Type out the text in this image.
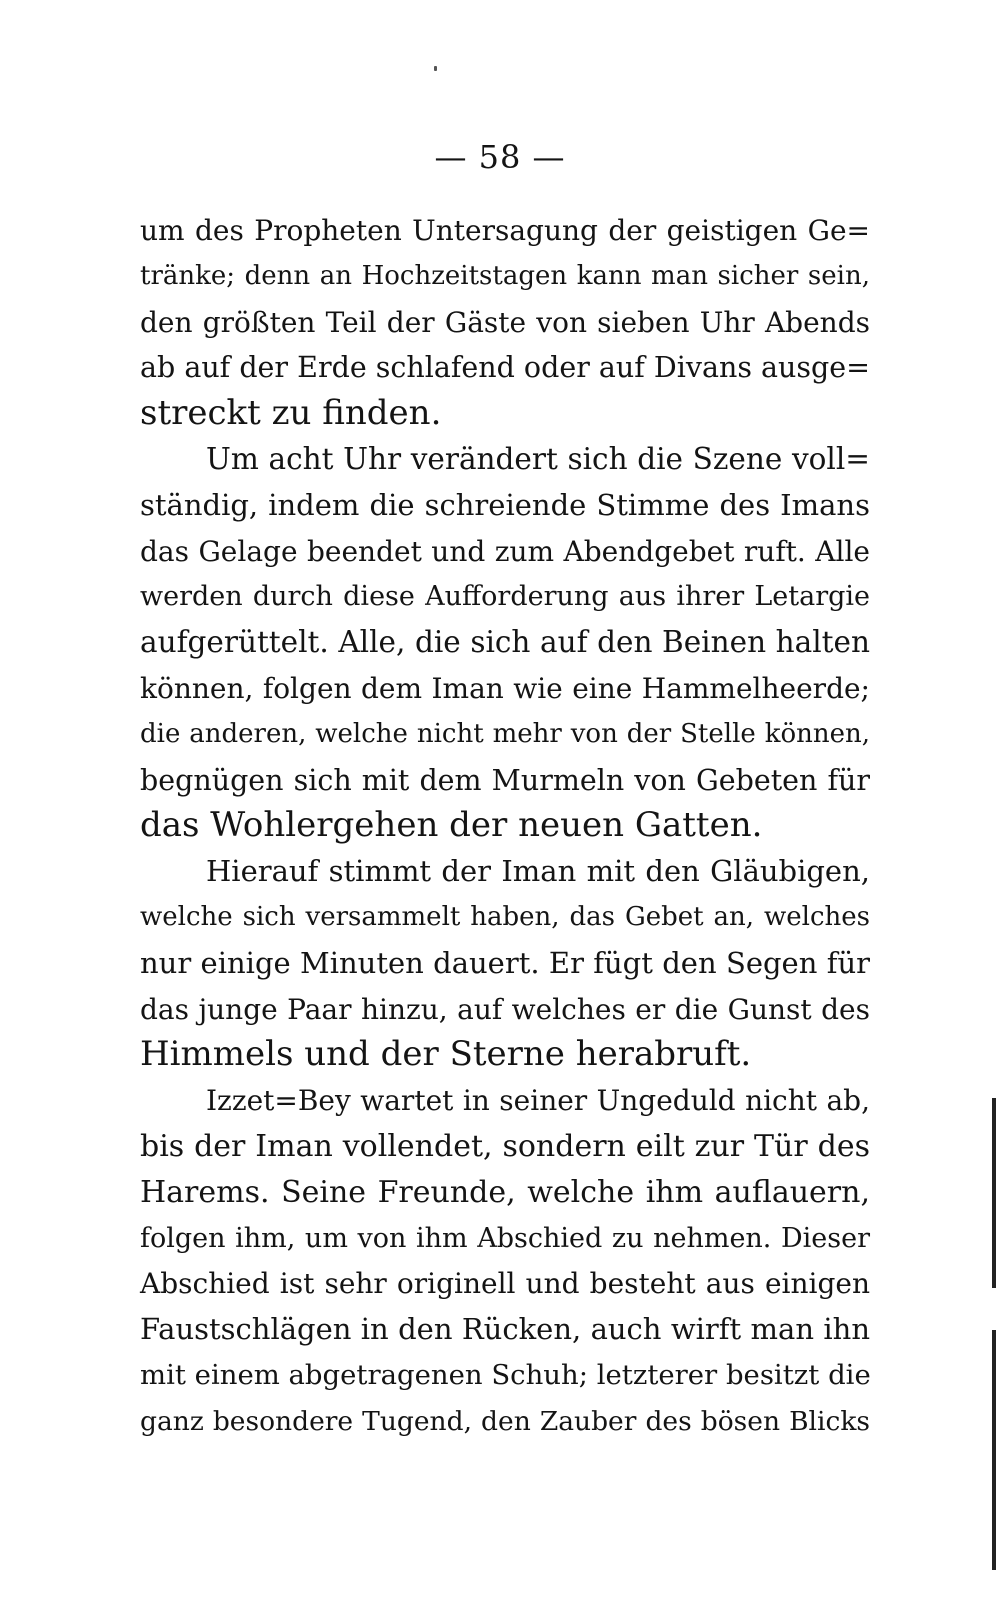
— 58 —
um des Propheten Untersagung der geistigen Ge=
tränke; denn an Hochzeitstagen kann man sicher sein,
den größten Teil der Gäste von sieben Uhr Abends
ab auf der Erde schlafend oder auf Divans ausge=
streckt zu finden.
Um acht Uhr verändert sich die Szene voll=
ständig, indem die schreiende Stimme des Imans
das Gelage beendet und zum Abendgebet ruft. Alle
werden durch diese Aufforderung aus ihrer Letargie
aufgerüttelt. Alle, die sich auf den Beinen halten
können, folgen dem Iman wie eine Hammelheerde;
die anderen, welche nicht mehr von der Stelle können,
begnügen sich mit dem Murmeln von Gebeten für
das Wohlergehen der neuen Gatten.
Hierauf stimmt der Iman mit den Gläubigen,
welche sich versammelt haben, das Gebet an, welches
nur einige Minuten dauert. Er fügt den Segen für
das junge Paar hinzu, auf welches er die Gunst des
Himmels und der Sterne herabruft.
Izzet=Bey wartet in seiner Ungeduld nicht ab,
bis der Iman vollendet, sondern eilt zur Tür des
Harems. Seine Freunde, welche ihm auflauern,
folgen ihm, um von ihm Abschied zu nehmen. Dieser
Abschied ist sehr originell und besteht aus einigen
Faustschlägen in den Rücken, auch wirft man ihn
mit einem abgetragenen Schuh; letzterer besitzt die
ganz besondere Tugend, den Zauber des bösen Blicks
